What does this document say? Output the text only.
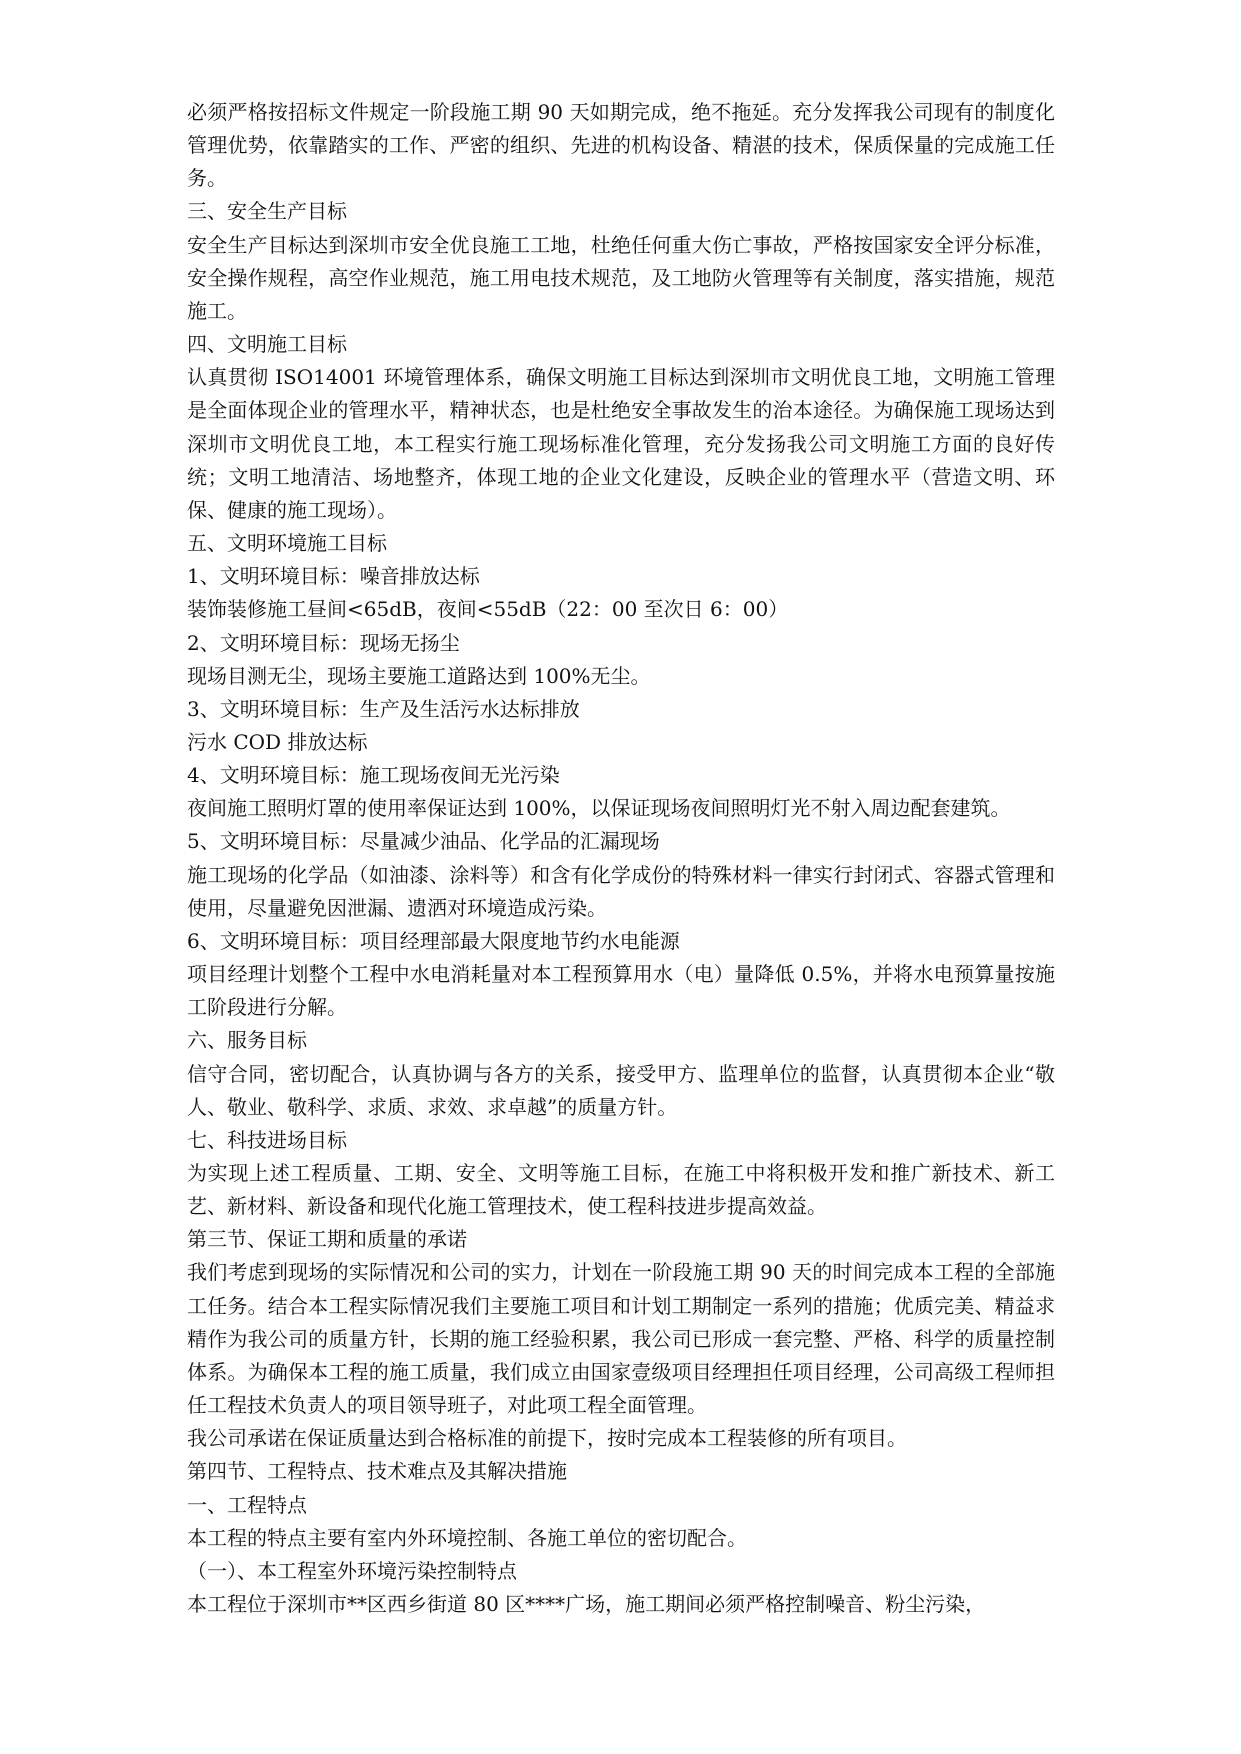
必须严格按招标文件规定一阶段施工期 90 天如期完成，绝不拖延。充分发挥我公司现有的制度化管理优势，依靠踏实的工作、严密的组织、先进的机构设备、精湛的技术，保质保量的完成施工任务。

三、安全生产目标

安全生产目标达到深圳市安全优良施工工地，杜绝任何重大伤亡事故，严格按国家安全评分标准，安全操作规程，高空作业规范，施工用电技术规范，及工地防火管理等有关制度，落实措施，规范施工。

四、文明施工目标

认真贯彻 ISO14001 环境管理体系，确保文明施工目标达到深圳市文明优良工地，文明施工管理是全面体现企业的管理水平，精神状态，也是杜绝安全事故发生的治本途径。为确保施工现场达到深圳市文明优良工地，本工程实行施工现场标准化管理，充分发扬我公司文明施工方面的良好传统；文明工地清洁、场地整齐，体现工地的企业文化建设，反映企业的管理水平（营造文明、环保、健康的施工现场）。

五、文明环境施工目标

1、文明环境目标：噪音排放达标

装饰装修施工昼间<65dB，夜间<55dB（22：00 至次日 6：00）

2、文明环境目标：现场无扬尘

现场目测无尘，现场主要施工道路达到 100%无尘。

3、文明环境目标：生产及生活污水达标排放

污水 COD 排放达标

4、文明环境目标：施工现场夜间无光污染

夜间施工照明灯罩的使用率保证达到 100%，以保证现场夜间照明灯光不射入周边配套建筑。

5、文明环境目标：尽量减少油品、化学品的汇漏现场

施工现场的化学品（如油漆、涂料等）和含有化学成份的特殊材料一律实行封闭式、容器式管理和使用，尽量避免因泄漏、遗洒对环境造成污染。

6、文明环境目标：项目经理部最大限度地节约水电能源

项目经理计划整个工程中水电消耗量对本工程预算用水（电）量降低 0.5%，并将水电预算量按施工阶段进行分解。

六、服务目标

信守合同，密切配合，认真协调与各方的关系，接受甲方、监理单位的监督，认真贯彻本企业“敬人、敬业、敬科学、求质、求效、求卓越”的质量方针。

七、科技进场目标

为实现上述工程质量、工期、安全、文明等施工目标，在施工中将积极开发和推广新技术、新工艺、新材料、新设备和现代化施工管理技术，使工程科技进步提高效益。

第三节、保证工期和质量的承诺

我们考虑到现场的实际情况和公司的实力，计划在一阶段施工期 90 天的时间完成本工程的全部施工任务。结合本工程实际情况我们主要施工项目和计划工期制定一系列的措施；优质完美、精益求精作为我公司的质量方针，长期的施工经验积累，我公司已形成一套完整、严格、科学的质量控制体系。为确保本工程的施工质量，我们成立由国家壹级项目经理担任项目经理，公司高级工程师担任工程技术负责人的项目领导班子，对此项工程全面管理。

我公司承诺在保证质量达到合格标准的前提下，按时完成本工程装修的所有项目。

第四节、工程特点、技术难点及其解决措施

一、工程特点

本工程的特点主要有室内外环境控制、各施工单位的密切配合。

（一）、本工程室外环境污染控制特点

本工程位于深圳市**区西乡街道 80 区****广场，施工期间必须严格控制噪音、粉尘污染，
